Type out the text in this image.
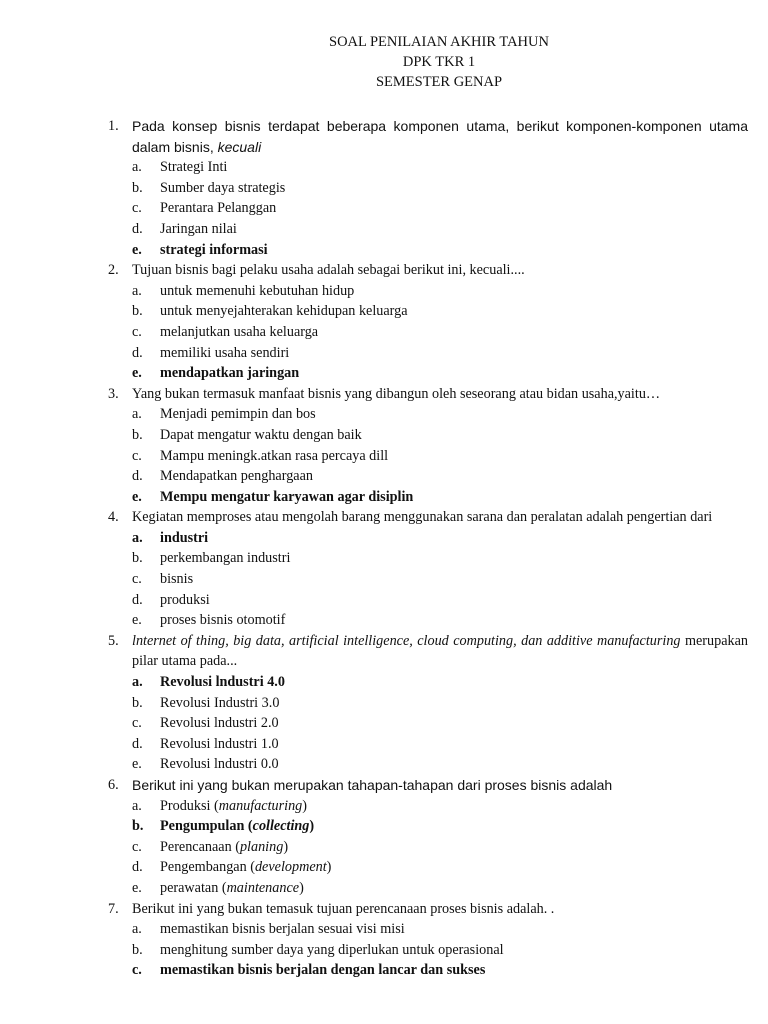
SOAL PENILAIAN AKHIR TAHUN
DPK TKR 1
SEMESTER GENAP
1. Pada konsep bisnis terdapat beberapa komponen utama, berikut komponen-komponen utama dalam bisnis, kecuali
a.	Strategi Inti
b.	Sumber daya strategis
c.	Perantara Pelanggan
d.	Jaringan nilai
e.	strategi informasi
2. Tujuan bisnis bagi pelaku usaha adalah sebagai berikut ini, kecuali....
a.	untuk memenuhi kebutuhan hidup
b.	untuk menyejahterakan kehidupan keluarga
c.	melanjutkan usaha keluarga
d.	memiliki usaha sendiri
e.	mendapatkan jaringan
3. Yang bukan termasuk manfaat bisnis yang dibangun oleh seseorang atau bidan usaha,yaitu…
a.	Menjadi pemimpin dan bos
b.	Dapat mengatur waktu dengan baik
c.	Mampu meningk.atkan rasa percaya dill
d.	Mendapatkan penghargaan
e.	Mempu mengatur karyawan agar disiplin
4. Kegiatan memproses atau mengolah barang menggunakan sarana dan peralatan adalah pengertian dari
a.	industri
b.	perkembangan industri
c.	bisnis
d.	produksi
e.	proses bisnis otomotif
5. lnternet of thing, big data, artificial intelligence, cloud computing, dan additive manufacturing merupakan pilar utama pada...
a.	Revolusi lndustri 4.0
b.	Revolusi Industri 3.0
c.	Revolusi lndustri 2.0
d.	Revolusi lndustri 1.0
e.	Revolusi lndustri 0.0
6. Berikut ini yang bukan merupakan tahapan-tahapan dari proses bisnis adalah
a.	Produksi (manufacturing)
b.	Pengumpulan (collecting)
c.	Perencanaan (planing)
d.	Pengembangan (development)
e.	perawatan (maintenance)
7. Berikut ini yang bukan temasuk tujuan perencanaan proses bisnis adalah. .
a.	memastikan bisnis berjalan sesuai visi misi
b.	menghitung sumber daya yang diperlukan untuk operasional
c.	memastikan bisnis berjalan dengan lancar dan sukses
